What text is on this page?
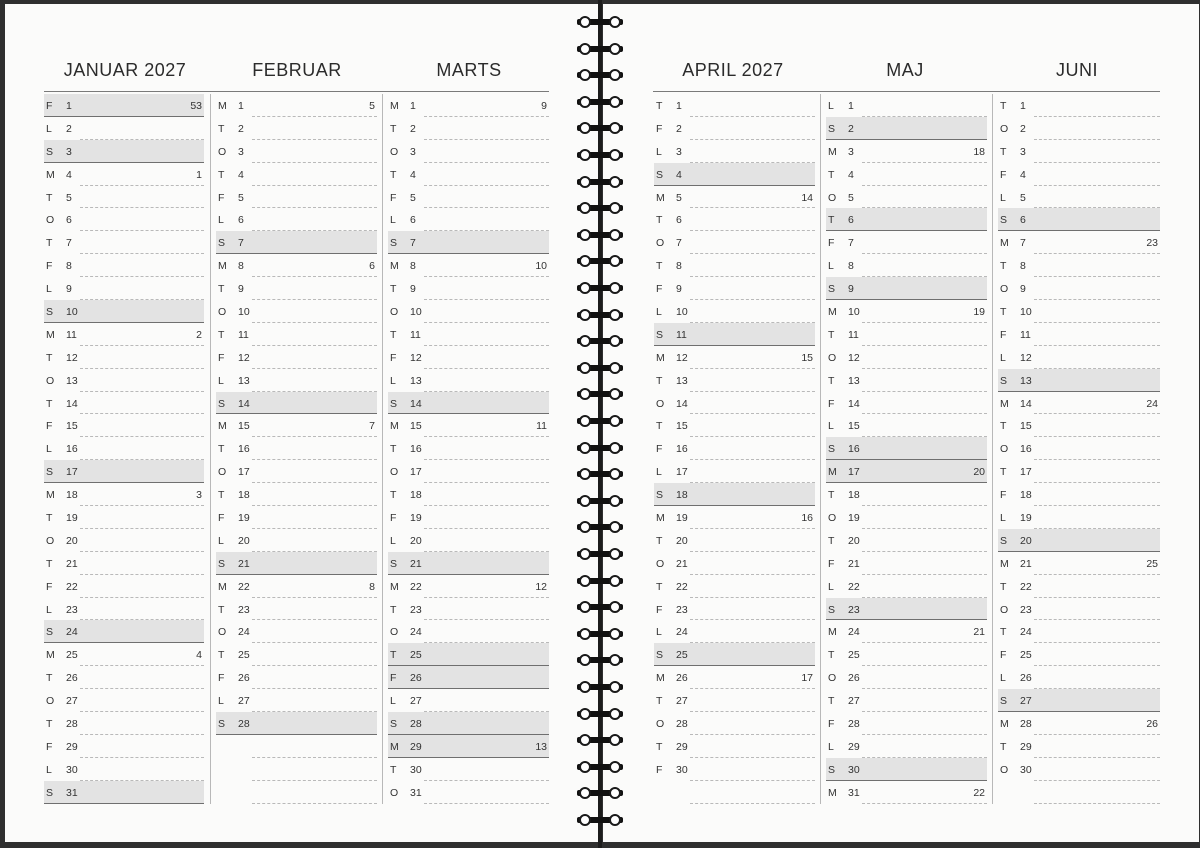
JANUAR 2027	FEBRUAR	MARTS
F 1	53
L 2
S 3
M 4	1
T 5
O 6
T 7
F 8
L 9
S 10
M 11	2
T 12
O 13
T 14
F 15
L 16
S 17
M 18	3
T 19
O 20
T 21
F 22
L 23
S 24
M 25	4
T 26
O 27
T 28
F 29
L 30
S 31
M 1	5
T 2
O 3
T 4
F 5
L 6
S 7
M 8	6
T 9
O 10
T 11
F 12
L 13
S 14
M 15	7
T 16
O 17
T 18
F 19
L 20
S 21
M 22	8
T 23
O 24
T 25
F 26
L 27
S 28
M 1	9
T 2
O 3
T 4
F 5
L 6
S 7
M 8	10
T 9
O 10
T 11
F 12
L 13
S 14
M 15	11
T 16
O 17
T 18
F 19
L 20
S 21
M 22	12
T 23
O 24
T 25
F 26
L 27
S 28
M 29	13
T 30
O 31
APRIL 2027	MAJ	JUNI
T 1
F 2
L 3
S 4
M 5	14
T 6
O 7
T 8
F 9
L 10
S 11
M 12	15
T 13
O 14
T 15
F 16
L 17
S 18
M 19	16
T 20
O 21
T 22
F 23
L 24
S 25
M 26	17
T 27
O 28
T 29
F 30
L 1
S 2
M 3	18
T 4
O 5
T 6
F 7
L 8
S 9
M 10	19
T 11
O 12
T 13
F 14
L 15
S 16
M 17	20
T 18
O 19
T 20
F 21
L 22
S 23
M 24	21
T 25
O 26
T 27
F 28
L 29
S 30
M 31	22
T 1
O 2
T 3
F 4
L 5
S 6
M 7	23
T 8
O 9
T 10
F 11
L 12
S 13
M 14	24
T 15
O 16
T 17
F 18
L 19
S 20
M 21	25
T 22
O 23
T 24
F 25
L 26
S 27
M 28	26
T 29
O 30
